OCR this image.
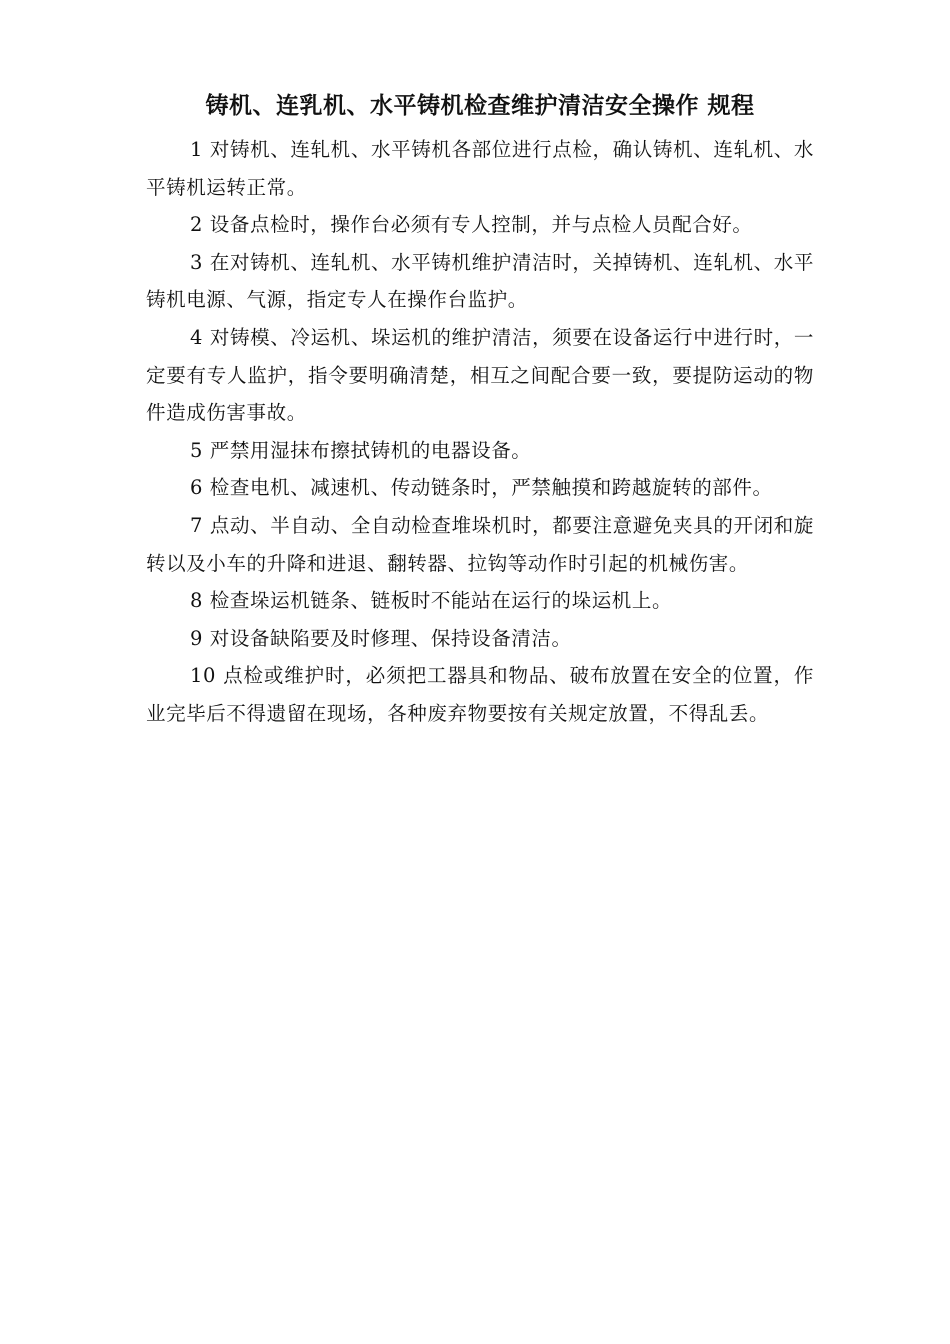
铸机、连乳机、水平铸机检查维护清洁安全操作 规程

1 对铸机、连轧机、水平铸机各部位进行点检，确认铸机、连轧机、水平铸机运转正常。

2 设备点检时，操作台必须有专人控制，并与点检人员配合好。

3 在对铸机、连轧机、水平铸机维护清洁时，关掉铸机、连轧机、水平铸机电源、气源，指定专人在操作台监护。

4 对铸模、冷运机、垛运机的维护清洁，须要在设备运行中进行时，一定要有专人监护，指令要明确清楚，相互之间配合要一致，要提防运动的物件造成伤害事故。

5 严禁用湿抹布擦拭铸机的电器设备。

6 检查电机、减速机、传动链条时，严禁触摸和跨越旋转的部件。

7 点动、半自动、全自动检查堆垛机时，都要注意避免夹具的开闭和旋转以及小车的升降和进退、翻转器、拉钩等动作时引起的机械伤害。

8 检查垛运机链条、链板时不能站在运行的垛运机上。

9 对设备缺陷要及时修理、保持设备清洁。

10 点检或维护时，必须把工器具和物品、破布放置在安全的位置，作业完毕后不得遗留在现场，各种废弃物要按有关规定放置，不得乱丢。
